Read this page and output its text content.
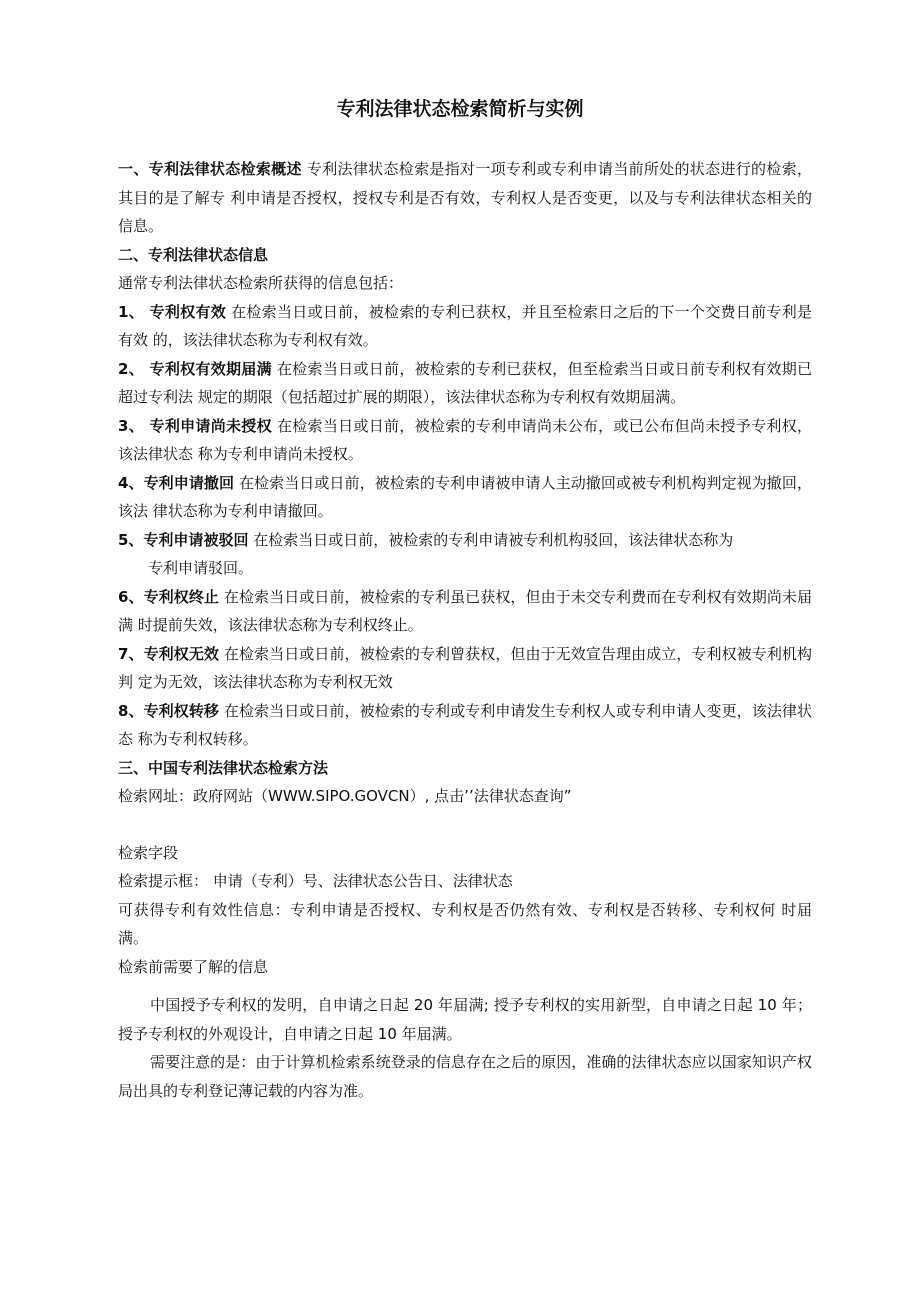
专利法律状态检索简析与实例

一、专利法律状态检索概述 专利法律状态检索是指对一项专利或专利申请当前所处的状态进行的检索，其目的是了解专 利申请是否授权，授权专利是否有效，专利权人是否变更，以及与专利法律状态相关的信息。

二、专利法律状态信息

通常专利法律状态检索所获得的信息包括：

1、 专利权有效 在检索当日或日前，被检索的专利已获权，并且至检索日之后的下一个交费日前专利是有效 的，该法律状态称为专利权有效。

2、 专利权有效期届满 在检索当日或日前，被检索的专利已获权，但至检索当日或日前专利权有效期已超过专利法 规定的期限（包括超过扩展的期限），该法律状态称为专利权有效期届满。

3、 专利申请尚未授权 在检索当日或日前，被检索的专利申请尚未公布，或已公布但尚未授予专利权，该法律状态 称为专利申请尚未授权。

4、专利申请撤回 在检索当日或日前，被检索的专利申请被申请人主动撤回或被专利机构判定视为撤回，该法 律状态称为专利申请撤回。

5、专利申请被驳回 在检索当日或日前，被检索的专利申请被专利机构驳回，该法律状态称为

专利申请驳回。

6、专利权终止 在检索当日或日前，被检索的专利虽已获权，但由于未交专利费而在专利权有效期尚未届满 时提前失效，该法律状态称为专利权终止。

7、专利权无效 在检索当日或日前，被检索的专利曾获权，但由于无效宣告理由成立，专利权被专利机构判 定为无效，该法律状态称为专利权无效

8、专利权转移 在检索当日或日前，被检索的专利或专利申请发生专利权人或专利申请人变更，该法律状态 称为专利权转移。

三、中国专利法律状态检索方法

检索网址：政府网站（WWW.SIPO.GOVCN）, 点击’’法律状态查询”

检索字段

检索提示框： 申请（专利）号、法律状态公告日、法律状态

可获得专利有效性信息：专利申请是否授权、专利权是否仍然有效、专利权是否转移、专利权何 时届满。

检索前需要了解的信息

中国授予专利权的发明，自申请之日起 20 年届满; 授予专利权的实用新型，自申请之日起 10 年；授予专利权的外观设计，自申请之日起 10 年届满。

需要注意的是：由于计算机检索系统登录的信息存在之后的原因，准确的法律状态应以国家知识产权局出具的专利登记薄记载的内容为准。
